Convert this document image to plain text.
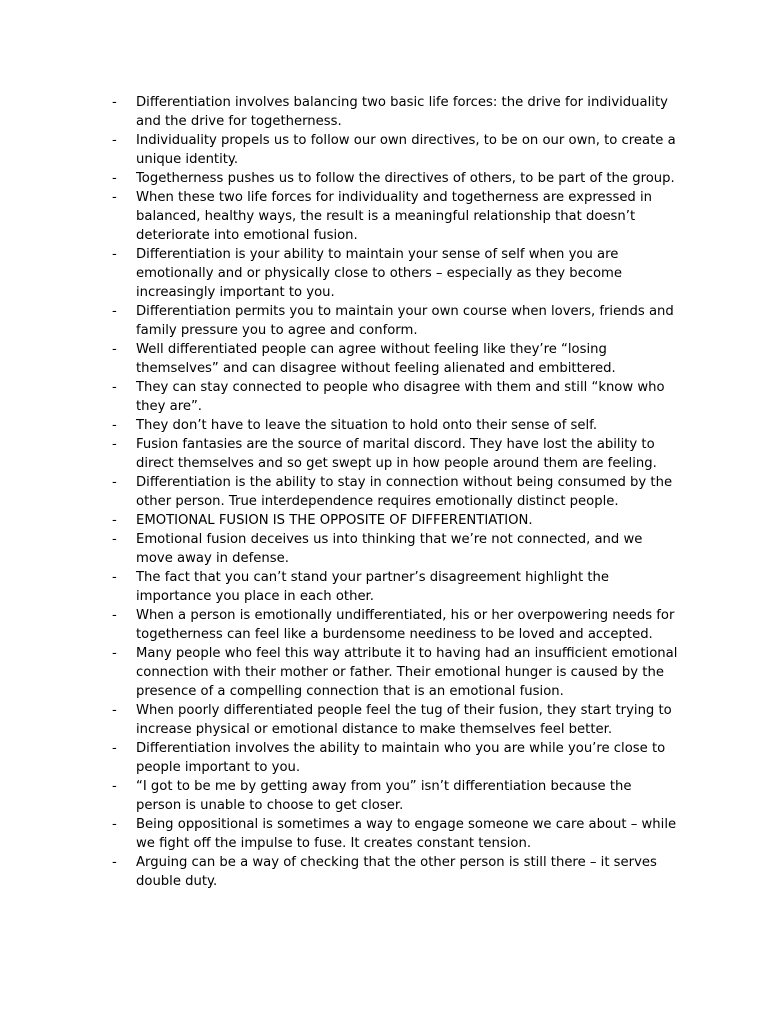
- Differentiation involves balancing two basic life forces: the drive for individuality and the drive for togetherness.
- Individuality propels us to follow our own directives, to be on our own, to create a unique identity.
- Togetherness pushes us to follow the directives of others, to be part of the group.
- When these two life forces for individuality and togetherness are expressed in balanced, healthy ways, the result is a meaningful relationship that doesn’t deteriorate into emotional fusion.
- Differentiation is your ability to maintain your sense of self when you are emotionally and or physically close to others – especially as they become increasingly important to you.
- Differentiation permits you to maintain your own course when lovers, friends and family pressure you to agree and conform.
- Well differentiated people can agree without feeling like they’re “losing themselves” and can disagree without feeling alienated and embittered.
- They can stay connected to people who disagree with them and still “know who they are”.
- They don’t have to leave the situation to hold onto their sense of self.
- Fusion fantasies are the source of marital discord. They have lost the ability to direct themselves and so get swept up in how people around them are feeling.
- Differentiation is the ability to stay in connection without being consumed by the other person. True interdependence requires emotionally distinct people.
- EMOTIONAL FUSION IS THE OPPOSITE OF DIFFERENTIATION.
- Emotional fusion deceives us into thinking that we’re not connected, and we move away in defense.
- The fact that you can’t stand your partner’s disagreement highlight the importance you place in each other.
- When a person is emotionally undifferentiated, his or her overpowering needs for togetherness can feel like a burdensome neediness to be loved and accepted.
- Many people who feel this way attribute it to having had an insufficient emotional connection with their mother or father. Their emotional hunger is caused by the presence of a compelling connection that is an emotional fusion.
- When poorly differentiated people feel the tug of their fusion, they start trying to increase physical or emotional distance to make themselves feel better.
- Differentiation involves the ability to maintain who you are while you’re close to people important to you.
- “I got to be me by getting away from you” isn’t differentiation because the person is unable to choose to get closer.
- Being oppositional is sometimes a way to engage someone we care about – while we fight off the impulse to fuse. It creates constant tension.
- Arguing can be a way of checking that the other person is still there – it serves double duty.
